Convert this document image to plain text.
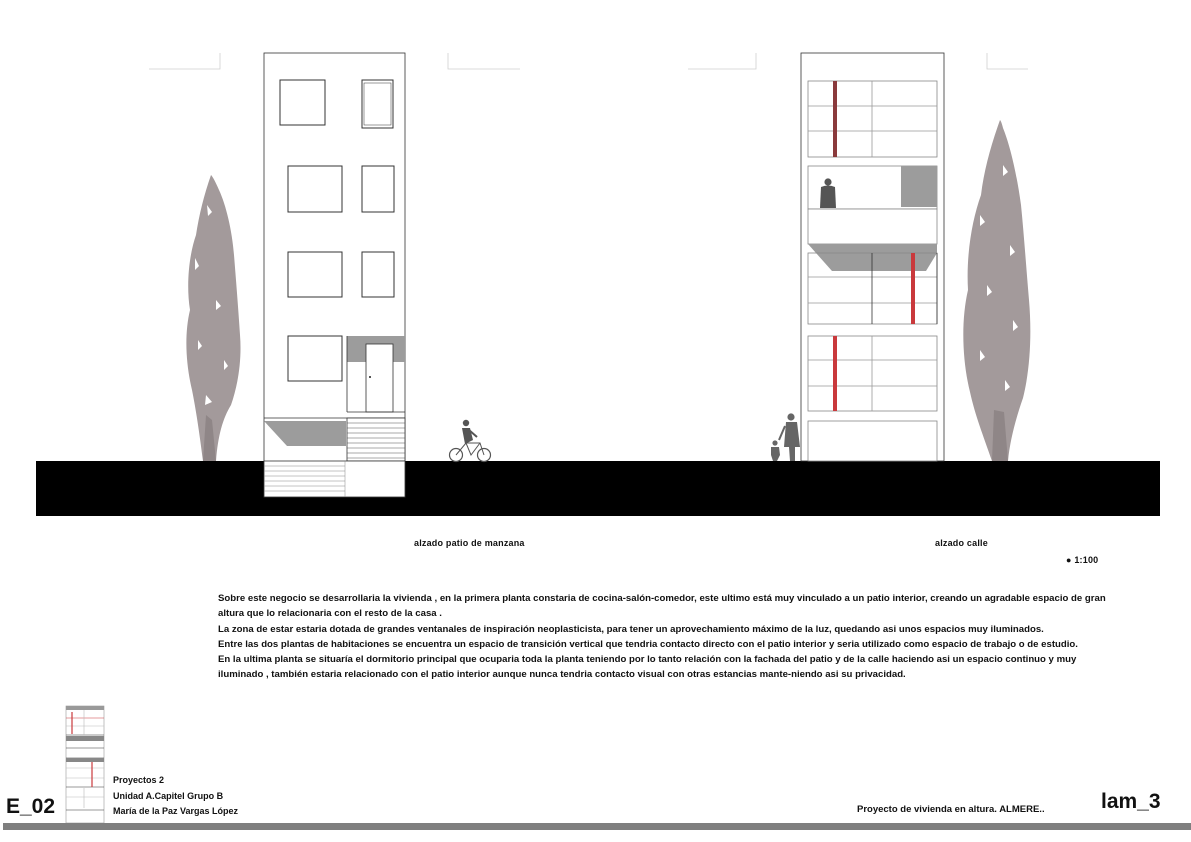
alzado patio de manzana	alzado calle
● 1:100

Sobre este negocio se desarrollaria la vivienda , en la primera planta constaria de cocina-salón-comedor, este ultimo está muy vinculado a un patio interior, creando un agradable espacio de gran altura que lo relacionaria con el resto de la casa .

La zona de estar estaria dotada de grandes ventanales de inspiración neoplasticista, para tener un aprovechamiento máximo de la luz, quedando asi unos espacios muy iluminados.

Entre las dos plantas de habitaciones se encuentra un espacio de transición vertical que tendria contacto directo con el patio interior y seria utilizado como espacio de trabajo o de estudio.

En la ultima planta se situaría el dormitorio principal que ocuparia toda la planta teniendo por lo tanto relación con la fachada del patio y de la calle haciendo asi un espacio continuo y muy iluminado , también estaria relacionado con el patio interior aunque nunca tendria contacto visual con otras estancias mante-niendo asi su privacidad.

E_02
Proyectos 2
Unidad A.Capitel Grupo B
María de la Paz Vargas López	Proyecto de vivienda en altura. ALMERE..	lam_3
